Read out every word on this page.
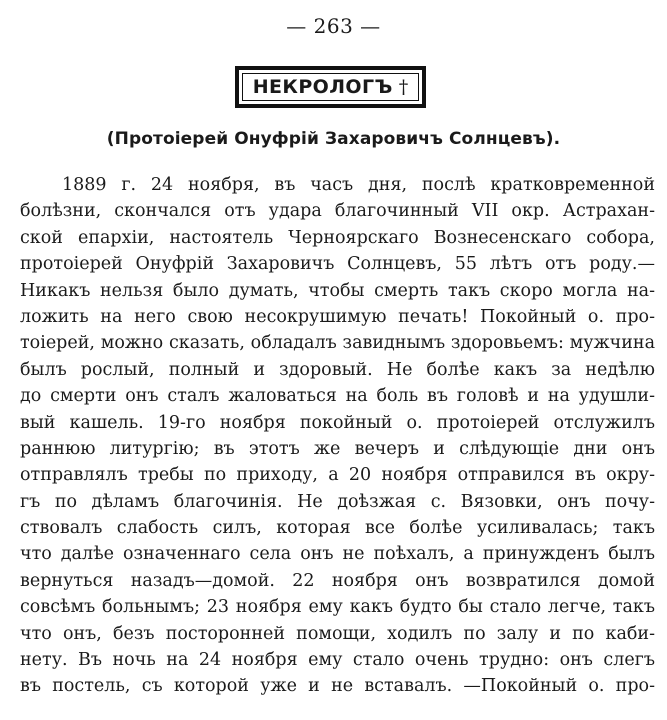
— 263 —
НЕКРОЛОГЪ †
(Протоіерей Онуфрій Захаровичъ Солнцевъ).
1889 г. 24 ноября, въ часъ дня, послѣ кратковременной
болѣзни, скончался отъ удара благочинный VII окр. Астрахан-
ской епархіи, настоятель Черноярскаго Вознесенскаго собора,
протоіерей Онуфрій Захаровичъ Солнцевъ, 55 лѣтъ отъ роду.—
Никакъ нельзя было думать, чтобы смерть такъ скоро могла на-
ложить на него свою несокрушимую печать! Покойный о. про-
тоіерей, можно сказать, обладалъ завиднымъ здоровьемъ: мужчина
былъ рослый, полный и здоровый. Не болѣе какъ за недѣлю
до смерти онъ сталъ жаловаться на боль въ головѣ и на удушли-
вый кашель. 19-го ноября покойный о. протоіерей отслужилъ
раннюю литургію; въ этотъ же вечеръ и слѣдующіе дни онъ
отправлялъ требы по приходу, а 20 ноября отправился въ окру-
гъ по дѣламъ благочинія. Не доѣзжая с. Вязовки, онъ почу-
ствовалъ слабость силъ, которая все болѣе усиливалась; такъ
что далѣе означеннаго села онъ не поѣхалъ, а принужденъ былъ
вернуться назадъ—домой. 22 ноября онъ возвратился домой
совсѣмъ больнымъ; 23 ноября ему какъ будто бы стало легче, такъ
что онъ, безъ посторонней помощи, ходилъ по залу и по каби-
нету. Въ ночь на 24 ноября ему стало очень трудно: онъ слегъ
въ постель, съ которой уже и не вставалъ. —Покойный о. про-
